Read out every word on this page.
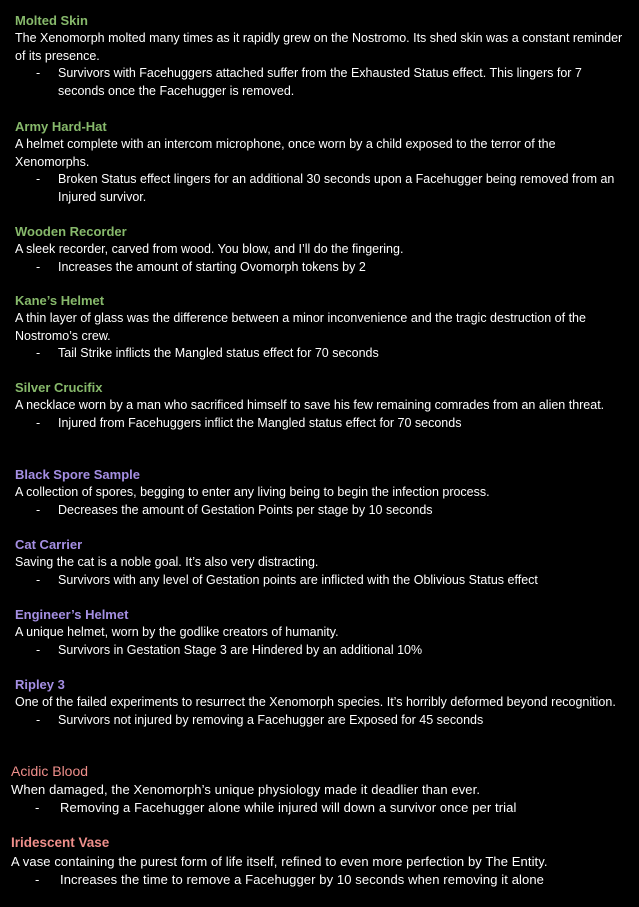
Molted Skin
The Xenomorph molted many times as it rapidly grew on the Nostromo. Its shed skin was a constant reminder of its presence.
- Survivors with Facehuggers attached suffer from the Exhausted Status effect. This lingers for 7 seconds once the Facehugger is removed.
Army Hard-Hat
A helmet complete with an intercom microphone, once worn by a child exposed to the terror of the Xenomorphs.
- Broken Status effect lingers for an additional 30 seconds upon a Facehugger being removed from an Injured survivor.
Wooden Recorder
A sleek recorder, carved from wood. You blow, and I’ll do the fingering.
- Increases the amount of starting Ovomorph tokens by 2
Kane’s Helmet
A thin layer of glass was the difference between a minor inconvenience and the tragic destruction of the Nostromo’s crew.
- Tail Strike inflicts the Mangled status effect for 70 seconds
Silver Crucifix
A necklace worn by a man who sacrificed himself to save his few remaining comrades from an alien threat.
- Injured from Facehuggers inflict the Mangled status effect for 70 seconds
Black Spore Sample
A collection of spores, begging to enter any living being to begin the infection process.
- Decreases the amount of Gestation Points per stage by 10 seconds
Cat Carrier
Saving the cat is a noble goal. It’s also very distracting.
- Survivors with any level of Gestation points are inflicted with the Oblivious Status effect
Engineer’s Helmet
A unique helmet, worn by the godlike creators of humanity.
- Survivors in Gestation Stage 3 are Hindered by an additional 10%
Ripley 3
One of the failed experiments to resurrect the Xenomorph species. It’s horribly deformed beyond recognition.
- Survivors not injured by removing a Facehugger are Exposed for 45 seconds
Acidic Blood
When damaged, the Xenomorph’s unique physiology made it deadlier than ever.
- Removing a Facehugger alone while injured will down a survivor once per trial
Iridescent Vase
A vase containing the purest form of life itself, refined to even more perfection by The Entity.
- Increases the time to remove a Facehugger by 10 seconds when removing it alone
